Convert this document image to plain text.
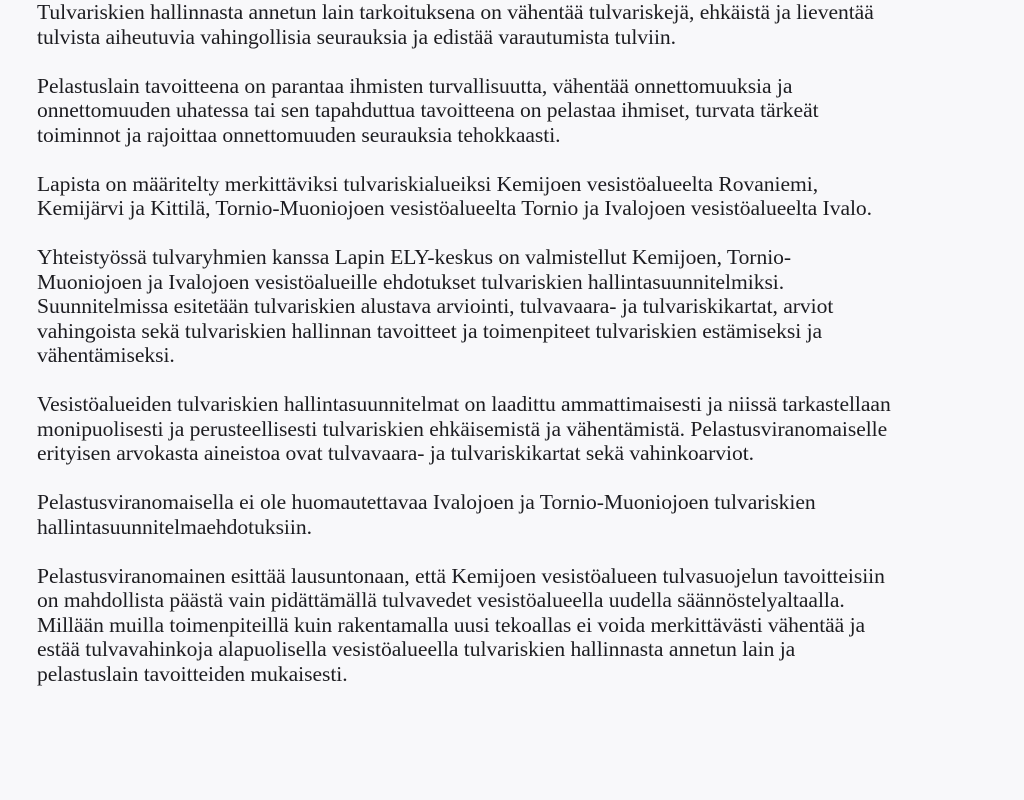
Tulvariskien hallinnasta annetun lain tarkoituksena on vähentää tulvariskejä, ehkäistä ja lieventää
tulvista aiheutuvia vahingollisia seurauksia ja edistää varautumista tulviin.

Pelastuslain tavoitteena on parantaa ihmisten turvallisuutta, vähentää onnettomuuksia ja
onnettomuuden uhatessa tai sen tapahduttua tavoitteena on pelastaa ihmiset, turvata tärkeät
toiminnot ja rajoittaa onnettomuuden seurauksia tehokkaasti.

Lapista on määritelty merkittäviksi tulvariskialueiksi Kemijoen vesistöalueelta Rovaniemi,
Kemijärvi ja Kittilä, Tornio-Muoniojoen vesistöalueelta Tornio ja Ivalojoen vesistöalueelta Ivalo.

Yhteistyössä tulvaryhmien kanssa Lapin ELY-keskus on valmistellut Kemijoen, Tornio-
Muoniojoen ja Ivalojoen vesistöalueille ehdotukset tulvariskien hallintasuunnitelmiksi.
Suunnitelmissa esitetään tulvariskien alustava arviointi, tulvavaara- ja tulvariskikartat, arviot
vahingoista sekä tulvariskien hallinnan tavoitteet ja toimenpiteet tulvariskien estämiseksi ja
vähentämiseksi.

Vesistöalueiden tulvariskien hallintasuunnitelmat on laadittu ammattimaisesti ja niissä tarkastellaan
monipuolisesti ja perusteellisesti tulvariskien ehkäisemistä ja vähentämistä. Pelastusviranomaiselle
erityisen arvokasta aineistoa ovat tulvavaara- ja tulvariskikartat sekä vahinkoarviot.

Pelastusviranomaisella ei ole huomautettavaa Ivalojoen ja Tornio-Muoniojoen tulvariskien
hallintasuunnitelmaehdotuksiin.

Pelastusviranomainen esittää lausuntonaan, että Kemijoen vesistöalueen tulvasuojelun tavoitteisiin
on mahdollista päästä vain pidättämällä tulvavedet vesistöalueella uudella säännöstelyaltaalla.
Millään muilla toimenpiteillä kuin rakentamalla uusi tekoallas ei voida merkittävästi vähentää ja
estää tulvavahinkoja alapuolisella vesistöalueella tulvariskien hallinnasta annetun lain ja
pelastuslain tavoitteiden mukaisesti.
